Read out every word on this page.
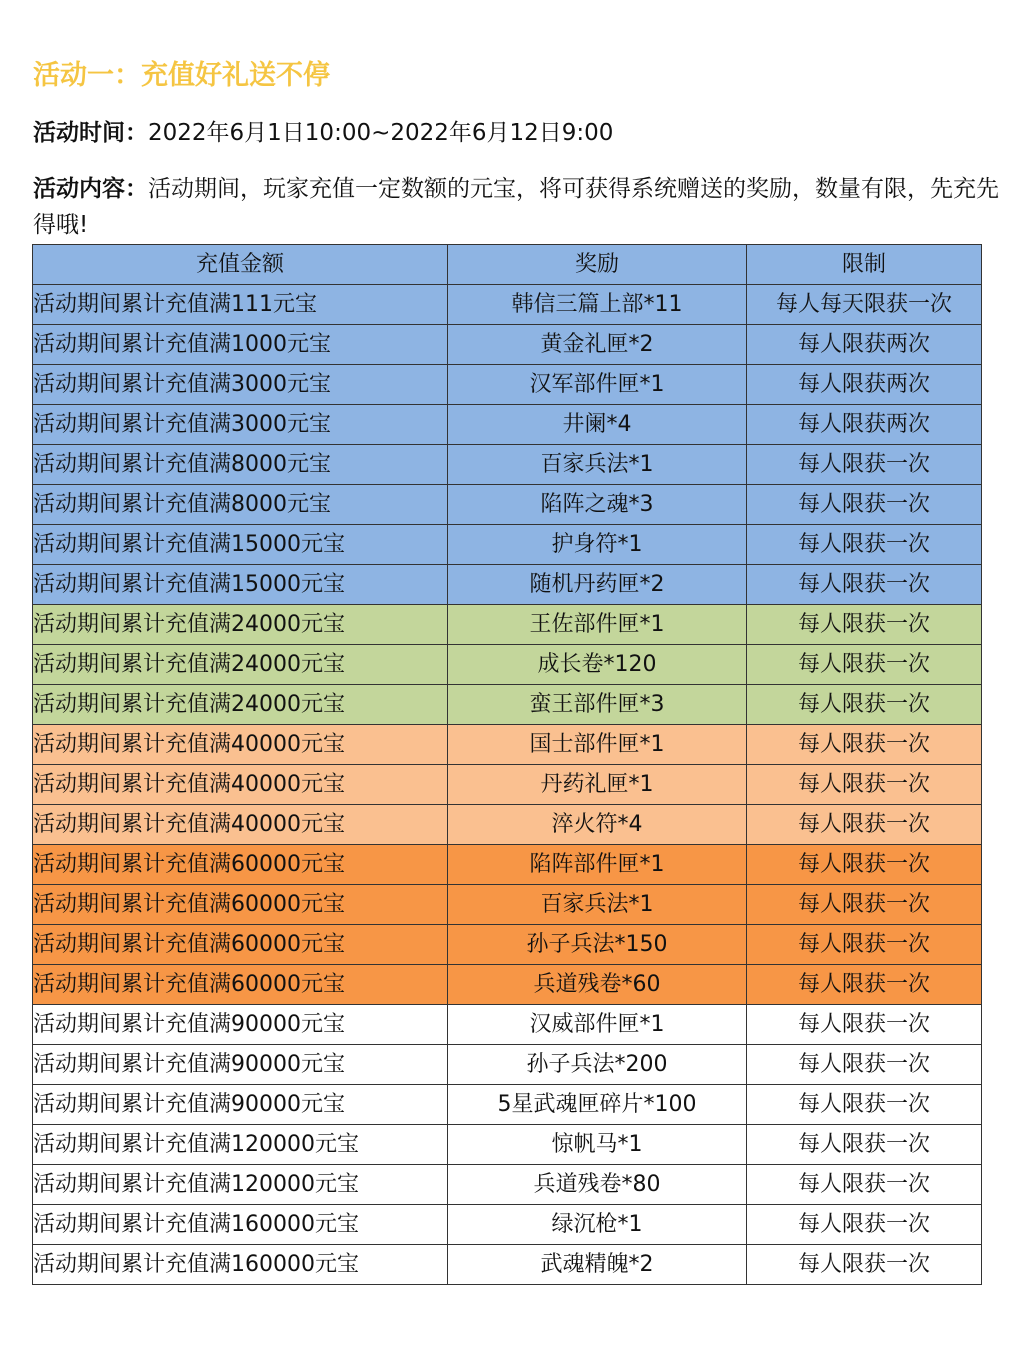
活动一：充值好礼送不停
活动时间：2022年6月1日10:00~2022年6月12日9:00
活动内容：活动期间，玩家充值一定数额的元宝，将可获得系统赠送的奖励，数量有限，先充先得哦!
充值金额	奖励	限制
活动期间累计充值满111元宝	韩信三篇上部*11	每人每天限获一次
活动期间累计充值满1000元宝	黄金礼匣*2	每人限获两次
活动期间累计充值满3000元宝	汉军部件匣*1	每人限获两次
活动期间累计充值满3000元宝	井阑*4	每人限获两次
活动期间累计充值满8000元宝	百家兵法*1	每人限获一次
活动期间累计充值满8000元宝	陷阵之魂*3	每人限获一次
活动期间累计充值满15000元宝	护身符*1	每人限获一次
活动期间累计充值满15000元宝	随机丹药匣*2	每人限获一次
活动期间累计充值满24000元宝	王佐部件匣*1	每人限获一次
活动期间累计充值满24000元宝	成长卷*120	每人限获一次
活动期间累计充值满24000元宝	蛮王部件匣*3	每人限获一次
活动期间累计充值满40000元宝	国士部件匣*1	每人限获一次
活动期间累计充值满40000元宝	丹药礼匣*1	每人限获一次
活动期间累计充值满40000元宝	淬火符*4	每人限获一次
活动期间累计充值满60000元宝	陷阵部件匣*1	每人限获一次
活动期间累计充值满60000元宝	百家兵法*1	每人限获一次
活动期间累计充值满60000元宝	孙子兵法*150	每人限获一次
活动期间累计充值满60000元宝	兵道残卷*60	每人限获一次
活动期间累计充值满90000元宝	汉威部件匣*1	每人限获一次
活动期间累计充值满90000元宝	孙子兵法*200	每人限获一次
活动期间累计充值满90000元宝	5星武魂匣碎片*100	每人限获一次
活动期间累计充值满120000元宝	惊帆马*1	每人限获一次
活动期间累计充值满120000元宝	兵道残卷*80	每人限获一次
活动期间累计充值满160000元宝	绿沉枪*1	每人限获一次
活动期间累计充值满160000元宝	武魂精魄*2	每人限获一次
